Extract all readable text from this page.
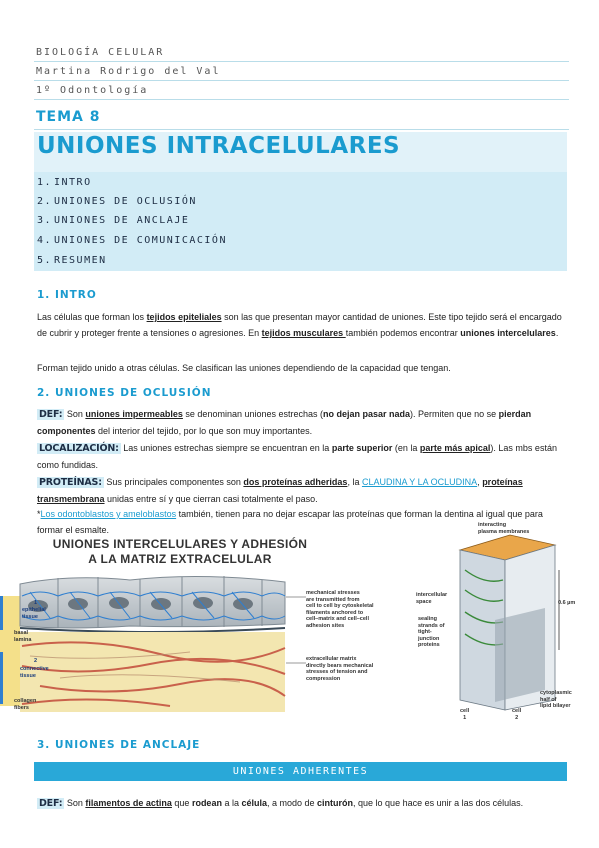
BIOLOGÍA CELULAR
Martina Rodrigo del Val
1º Odontología
TEMA 8
UNIONES INTRACELULARES
1. INTRO
2. UNIONES DE OCLUSIÓN
3. UNIONES DE ANCLAJE
4. UNIONES DE COMUNICACIÓN
5. RESUMEN
1. INTRO
Las células que forman los tejidos epiteliales son las que presentan mayor cantidad de uniones. Este tipo tejido será el encargado de cubrir y proteger frente a tensiones o agresiones. En tejidos musculares también podemos encontrar uniones intercelulares.
Forman tejido unido a otras células. Se clasifican las uniones dependiendo de la capacidad que tengan.
2. UNIONES DE OCLUSIÓN
DEF: Son uniones impermeables se denominan uniones estrechas (no dejan pasar nada). Permiten que no se pierdan componentes del interior del tejido, por lo que son muy importantes.
LOCALIZACIÓN: Las uniones estrechas siempre se encuentran en la parte superior (en la parte más apical). Las mbs están como fundidas.
PROTEÍNAS: Sus principales componentes son dos proteínas adheridas, la CLAUDINA Y LA OCLUDINA, proteínas transmembrana unidas entre sí y que cierran casi totalmente el paso.
*Los odontoblastos y ameloblastos también, tienen para no dejar escapar las proteínas que forman la dentina al igual que para formar el esmalte.
UNIONES INTERCELULARES Y ADHESIÓN
A LA MATRIZ EXTRACELULAR
1
epithelial
tissue
basal
lamina
2
connective
tissue
collagen
fibers
mechanical stresses
are transmitted from
cell to cell by cytoskeletal
filaments anchored to
cell–matrix and cell–cell
adhesion sites
extracellular matrix
directly bears mechanical
stresses of tension and
compression
interacting
plasma membranes
intercellular
space
sealing
strands of
tight-
junction
proteins
0.6 µm
cytoplasmic
half of
lipid bilayer
cell
1
cell
2
3. UNIONES DE ANCLAJE
UNIONES ADHERENTES
DEF: Son filamentos de actina que rodean a la célula, a modo de cinturón, que lo que hace es unir a las dos células.
